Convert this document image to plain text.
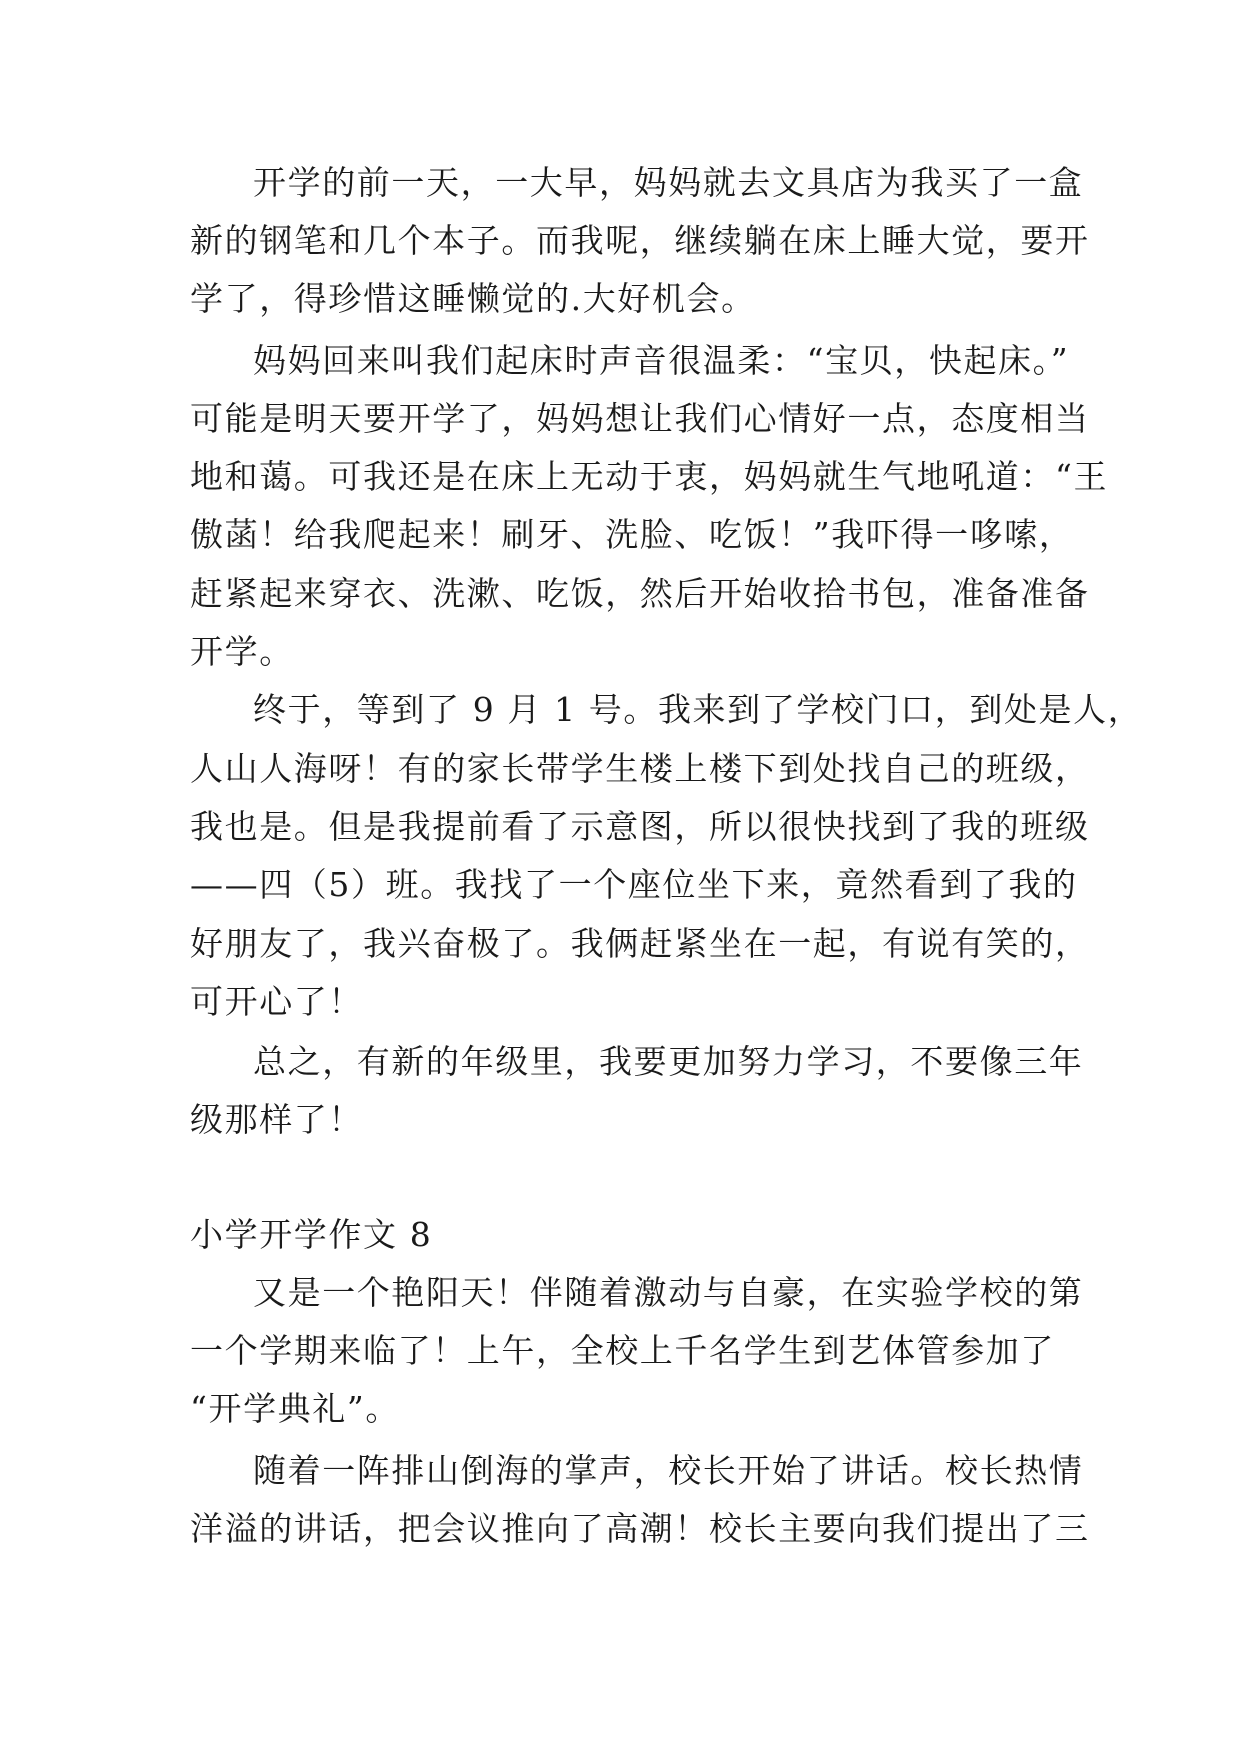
开学的前一天，一大早，妈妈就去文具店为我买了一盒
新的钢笔和几个本子。而我呢，继续躺在床上睡大觉，要开
学了，得珍惜这睡懒觉的.大好机会。
妈妈回来叫我们起床时声音很温柔：“宝贝，快起床。”
可能是明天要开学了，妈妈想让我们心情好一点，态度相当
地和蔼。可我还是在床上无动于衷，妈妈就生气地吼道：“王
傲菡！给我爬起来！刷牙、洗脸、吃饭！”我吓得一哆嗦，
赶紧起来穿衣、洗漱、吃饭，然后开始收拾书包，准备准备
开学。
终于，等到了 9 月 1 号。我来到了学校门口，到处是人，
人山人海呀！有的家长带学生楼上楼下到处找自己的班级，
我也是。但是我提前看了示意图，所以很快找到了我的班级
——四（5）班。我找了一个座位坐下来，竟然看到了我的
好朋友了，我兴奋极了。我俩赶紧坐在一起，有说有笑的，
可开心了！
总之，有新的年级里，我要更加努力学习，不要像三年
级那样了！
小学开学作文 8
又是一个艳阳天！伴随着激动与自豪，在实验学校的第
一个学期来临了！上午，全校上千名学生到艺体管参加了
“开学典礼”。
随着一阵排山倒海的掌声，校长开始了讲话。校长热情
洋溢的讲话，把会议推向了高潮！校长主要向我们提出了三
